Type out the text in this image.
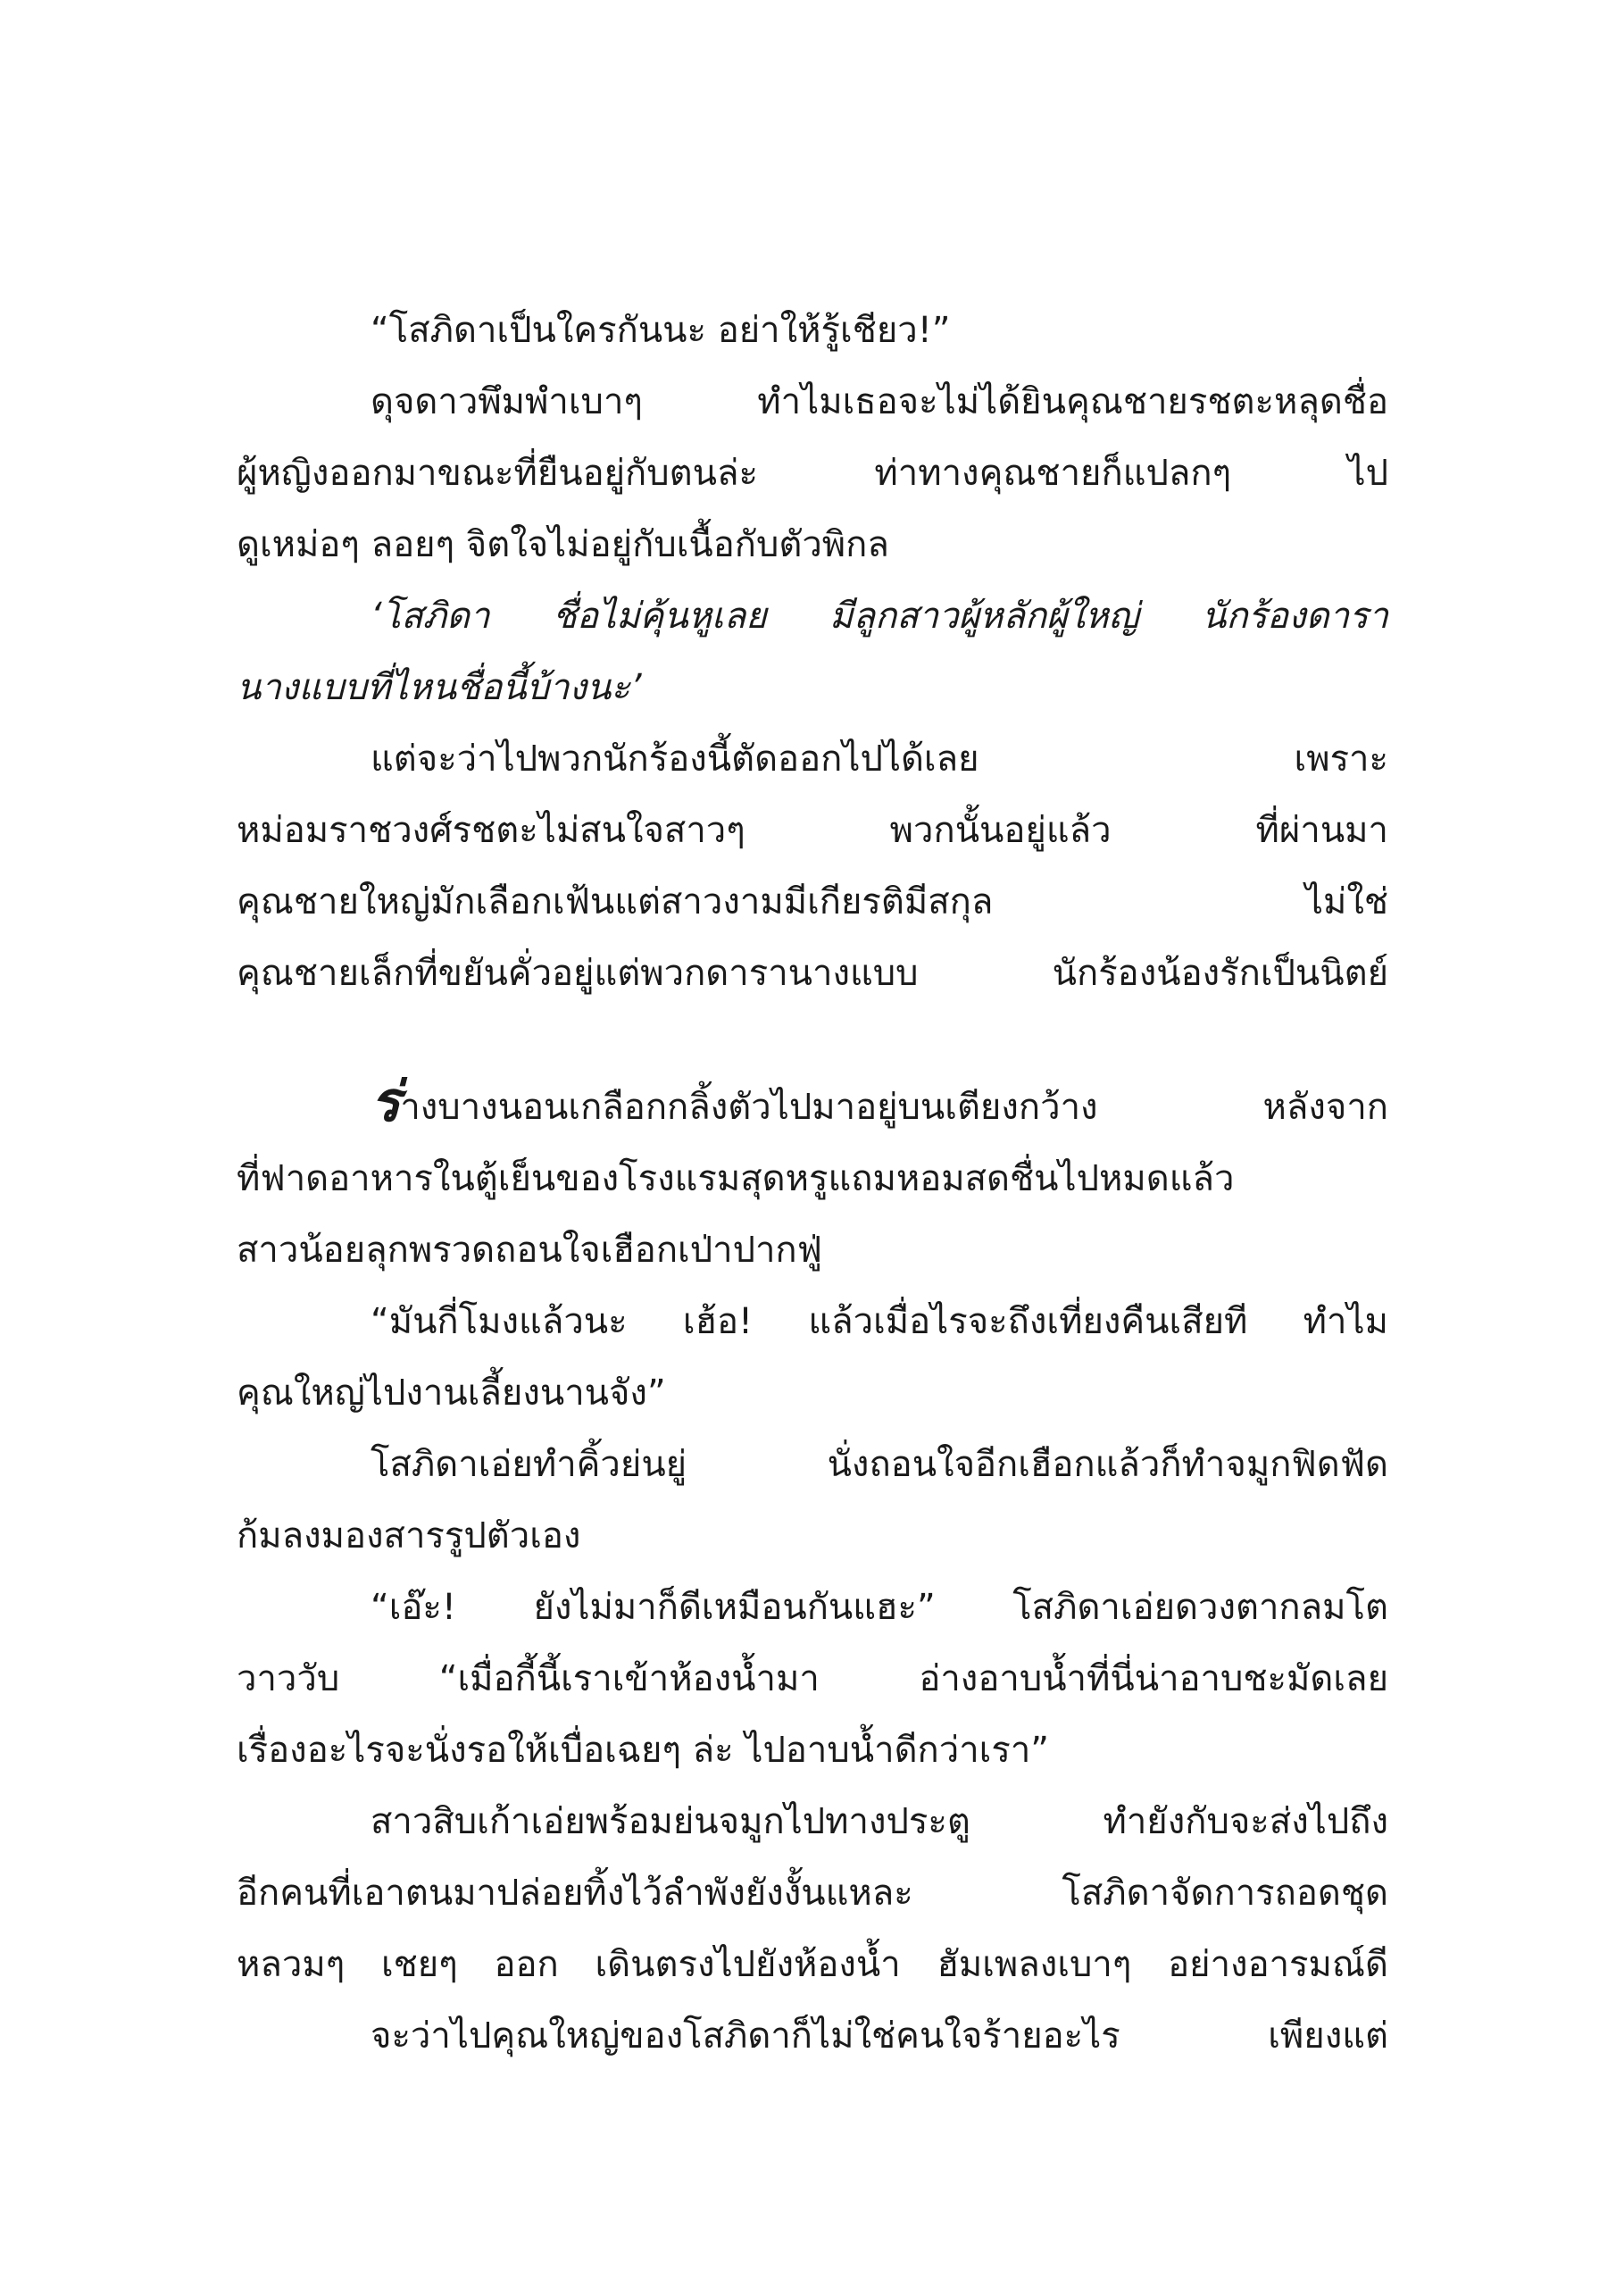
“โสภิดาเป็นใครกันนะ อย่าให้รู้เชียว!”
ดุจดาวพึมพำเบาๆ ทำไมเธอจะไม่ได้ยินคุณชายรชตะหลุดชื่อ
ผู้หญิงออกมาขณะที่ยืนอยู่กับตนล่ะ ท่าทางคุณชายก็แปลกๆ ไป
ดูเหม่อๆ ลอยๆ จิตใจไม่อยู่กับเนื้อกับตัวพิกล
‘โสภิดา ชื่อไม่คุ้นหูเลย มีลูกสาวผู้หลักผู้ใหญ่ นักร้องดารา
นางแบบที่ไหนชื่อนี้บ้างนะ’
แต่จะว่าไปพวกนักร้องนี้ตัดออกไปได้เลย เพราะ
หม่อมราชวงศ์รชตะไม่สนใจสาวๆ พวกนั้นอยู่แล้ว ที่ผ่านมา
คุณชายใหญ่มักเลือกเฟ้นแต่สาวงามมีเกียรติมีสกุล ไม่ใช่
คุณชายเล็กที่ขยันคั่วอยู่แต่พวกดารานางแบบ นักร้องน้องรักเป็นนิตย์
ร่างบางนอนเกลือกกลิ้งตัวไปมาอยู่บนเตียงกว้าง หลังจาก
ที่ฟาดอาหารในตู้เย็นของโรงแรมสุดหรูแถมหอมสดชื่นไปหมดแล้ว
สาวน้อยลุกพรวดถอนใจเฮือกเป่าปากฟู่
“มันกี่โมงแล้วนะ เฮ้อ! แล้วเมื่อไรจะถึงเที่ยงคืนเสียที ทำไม
คุณใหญ่ไปงานเลี้ยงนานจัง”
โสภิดาเอ่ยทำคิ้วย่นยู่ นั่งถอนใจอีกเฮือกแล้วก็ทำจมูกฟิดฟัด
ก้มลงมองสารรูปตัวเอง
“เอ๊ะ! ยังไม่มาก็ดีเหมือนกันแฮะ” โสภิดาเอ่ยดวงตากลมโต
วาววับ “เมื่อกี้นี้เราเข้าห้องน้ำมา อ่างอาบน้ำที่นี่น่าอาบชะมัดเลย
เรื่องอะไรจะนั่งรอให้เบื่อเฉยๆ ล่ะ ไปอาบน้ำดีกว่าเรา”
สาวสิบเก้าเอ่ยพร้อมย่นจมูกไปทางประตู ทำยังกับจะส่งไปถึง
อีกคนที่เอาตนมาปล่อยทิ้งไว้ลำพังยังงั้นแหละ โสภิดาจัดการถอดชุด
หลวมๆ เชยๆ ออก เดินตรงไปยังห้องน้ำ ฮัมเพลงเบาๆ อย่างอารมณ์ดี
จะว่าไปคุณใหญ่ของโสภิดาก็ไม่ใช่คนใจร้ายอะไร เพียงแต่
